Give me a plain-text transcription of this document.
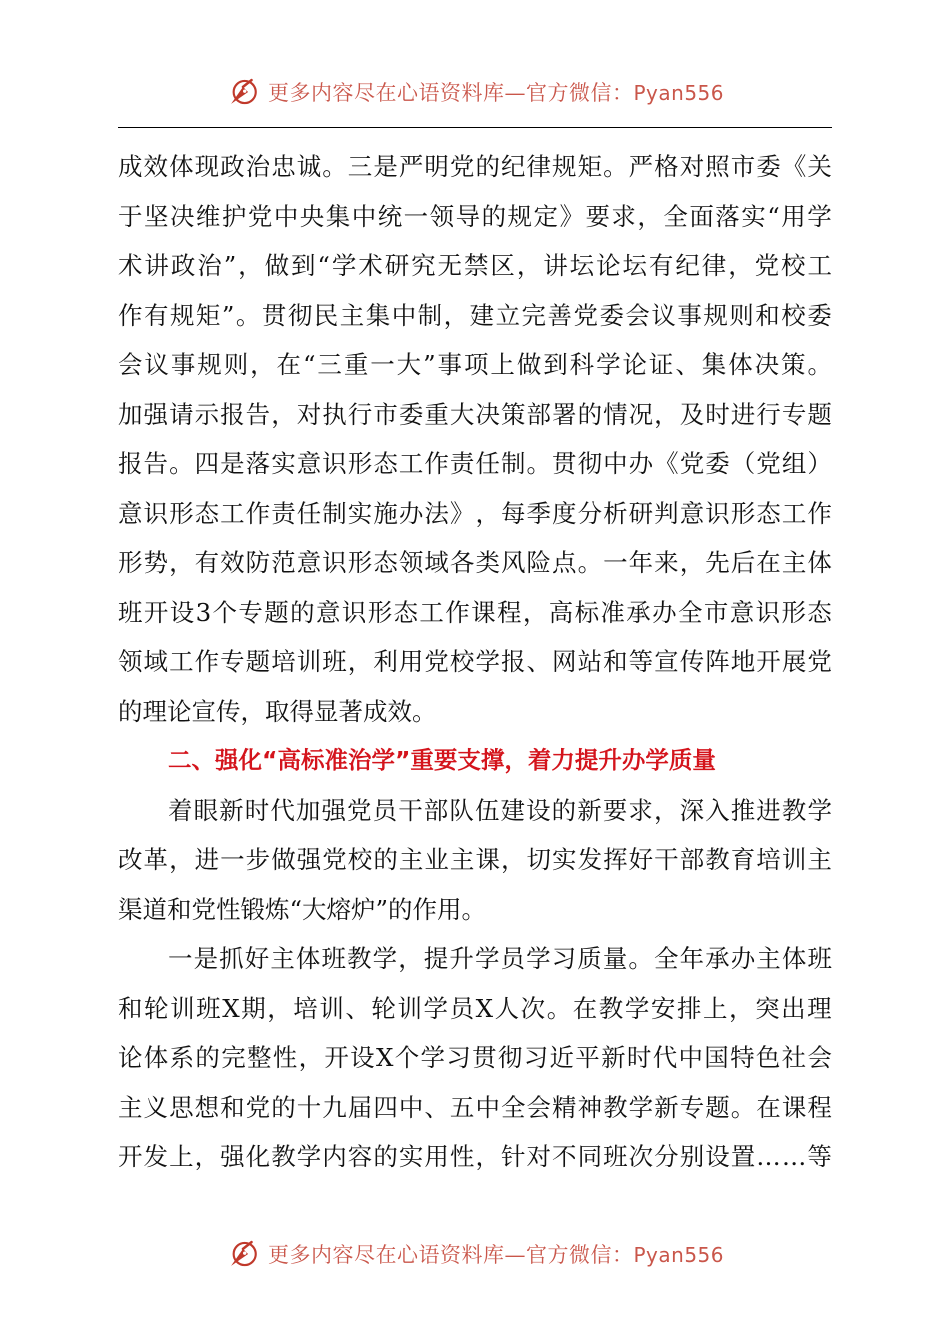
更多内容尽在心语资料库—官方微信：Pyan556
成 效 体 现 政 治 忠 诚 。 三 是 严 明 党 的 纪 律 规 矩 。 严 格 对 照 市 委 《 关
于 坚 决 维 护 党 中 央 集 中 统 一 领 导 的 规 定 》 要 求 ， 全 面 落 实 “ 用 学
术 讲 政 治 ” ， 做 到 “ 学 术 研 究 无 禁 区 ， 讲 坛 论 坛 有 纪 律 ， 党 校 工
作 有 规 矩 ” 。 贯 彻 民 主 集 中 制 ， 建 立 完 善 党 委 会 议 事 规 则 和 校 委
会 议 事 规 则 ， 在 “ 三 重 一 大 ” 事 项 上 做 到 科 学 论 证 、 集 体 决 策 。
加 强 请 示 报 告 ， 对 执 行 市 委 重 大 决 策 部 署 的 情 况 ， 及 时 进 行 专 题
报 告 。 四 是 落 实 意 识 形 态 工 作 责 任 制 。 贯 彻 中 办 《 党 委 （ 党 组 ）
意 识 形 态 工 作 责 任 制 实 施 办 法 》 ， 每 季 度 分 析 研 判 意 识 形 态 工 作
形 势 ， 有 效 防 范 意 识 形 态 领 域 各 类 风 险 点 。 一 年 来 ， 先 后 在 主 体
班 开 设 3 个 专 题 的 意 识 形 态 工 作 课 程 ， 高 标 准 承 办 全 市 意 识 形 态
领 域 工 作 专 题 培 训 班 ， 利 用 党 校 学 报 、 网 站 和 等 宣 传 阵 地 开 展 党
的理论宣传，取得显著成效。
二、强化“高标准治学”重要支撑，着力提升办学质量
着 眼 新 时 代 加 强 党 员 干 部 队 伍 建 设 的 新 要 求 ， 深 入 推 进 教 学
改 革 ， 进 一 步 做 强 党 校 的 主 业 主 课 ， 切 实 发 挥 好 干 部 教 育 培 训 主
渠道和党性锻炼“大熔炉”的作用。
一 是 抓 好 主 体 班 教 学 ， 提 升 学 员 学 习 质 量 。 全 年 承 办 主 体 班
和 轮 训 班 X 期 ， 培 训 、 轮 训 学 员 X 人 次 。 在 教 学 安 排 上 ， 突 出 理
论 体 系 的 完 整 性 ， 开 设 X 个 学 习 贯 彻 习 近 平 新 时 代 中 国 特 色 社 会
主 义 思 想 和 党 的 十 九 届 四 中 、 五 中 全 会 精 神 教 学 新 专 题 。 在 课 程
开 发 上 ， 强 化 教 学 内 容 的 实 用 性 ， 针 对 不 同 班 次 分 别 设 置 … … 等
更多内容尽在心语资料库—官方微信：Pyan556
